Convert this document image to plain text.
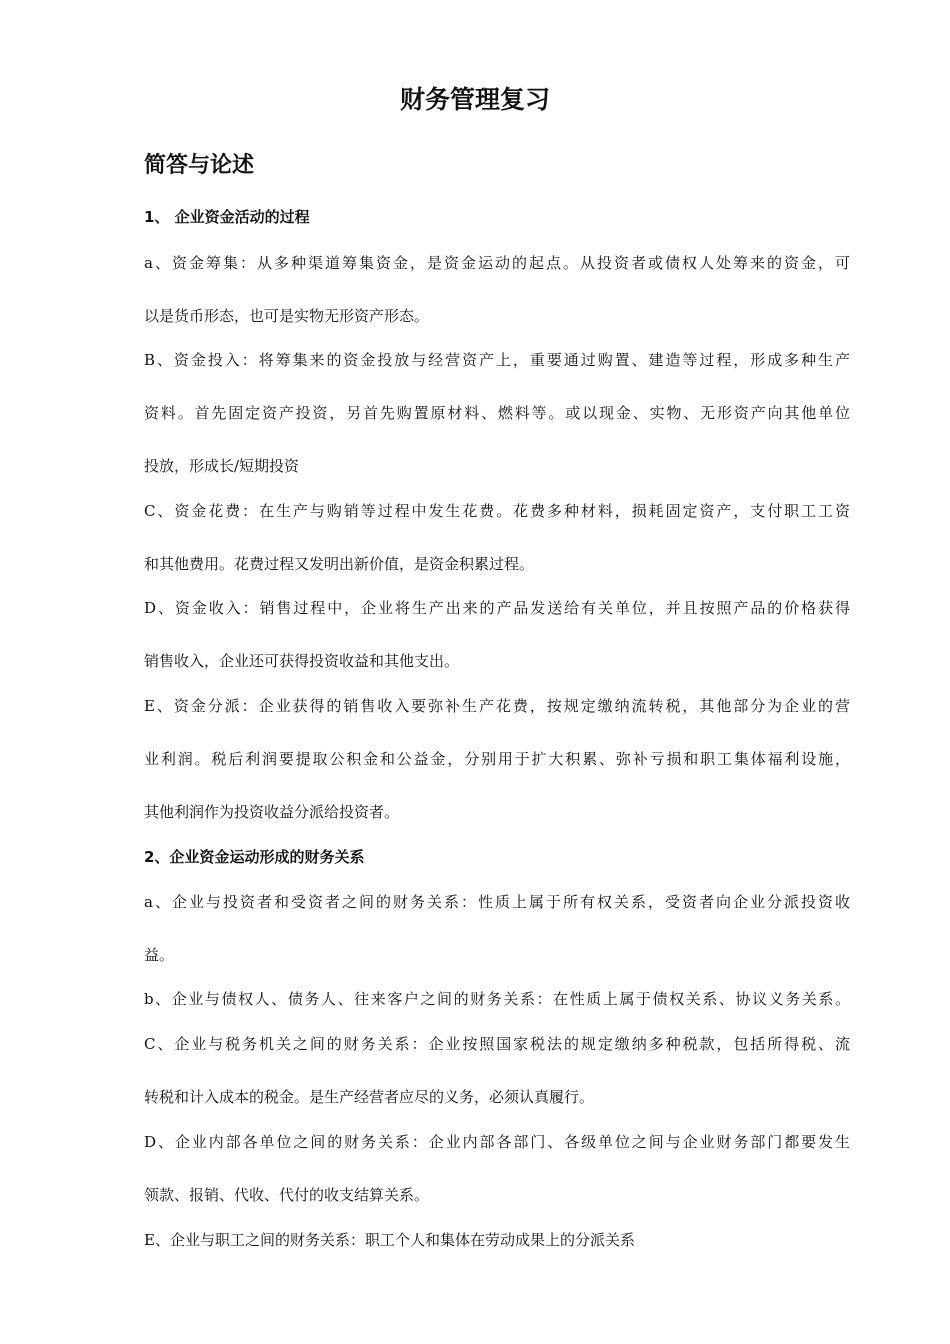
财务管理复习
简答与论述
1、 企业资金活动的过程
a、资金筹集：从多种渠道筹集资金，是资金运动的起点。从投资者或债权人处筹来的资金，可
以是货币形态，也可是实物无形资产形态。
B、资金投入：将筹集来的资金投放与经营资产上，重要通过购置、建造等过程，形成多种生产
资料。首先固定资产投资，另首先购置原材料、燃料等。或以现金、实物、无形资产向其他单位
投放，形成长/短期投资
C、资金花费：在生产与购销等过程中发生花费。花费多种材料，损耗固定资产，支付职工工资
和其他费用。花费过程又发明出新价值，是资金积累过程。
D、资金收入：销售过程中，企业将生产出来的产品发送给有关单位，并且按照产品的价格获得
销售收入，企业还可获得投资收益和其他支出。
E、资金分派：企业获得的销售收入要弥补生产花费，按规定缴纳流转税，其他部分为企业的营
业利润。税后利润要提取公积金和公益金，分别用于扩大积累、弥补亏损和职工集体福利设施，
其他利润作为投资收益分派给投资者。
2、企业资金运动形成的财务关系
a、企业与投资者和受资者之间的财务关系：性质上属于所有权关系，受资者向企业分派投资收
益。
b、企业与债权人、债务人、往来客户之间的财务关系：在性质上属于债权关系、协议义务关系。
C、企业与税务机关之间的财务关系：企业按照国家税法的规定缴纳多种税款，包括所得税、流
转税和计入成本的税金。是生产经营者应尽的义务，必须认真履行。
D、企业内部各单位之间的财务关系：企业内部各部门、各级单位之间与企业财务部门都要发生
领款、报销、代收、代付的收支结算关系。
E、企业与职工之间的财务关系：职工个人和集体在劳动成果上的分派关系
